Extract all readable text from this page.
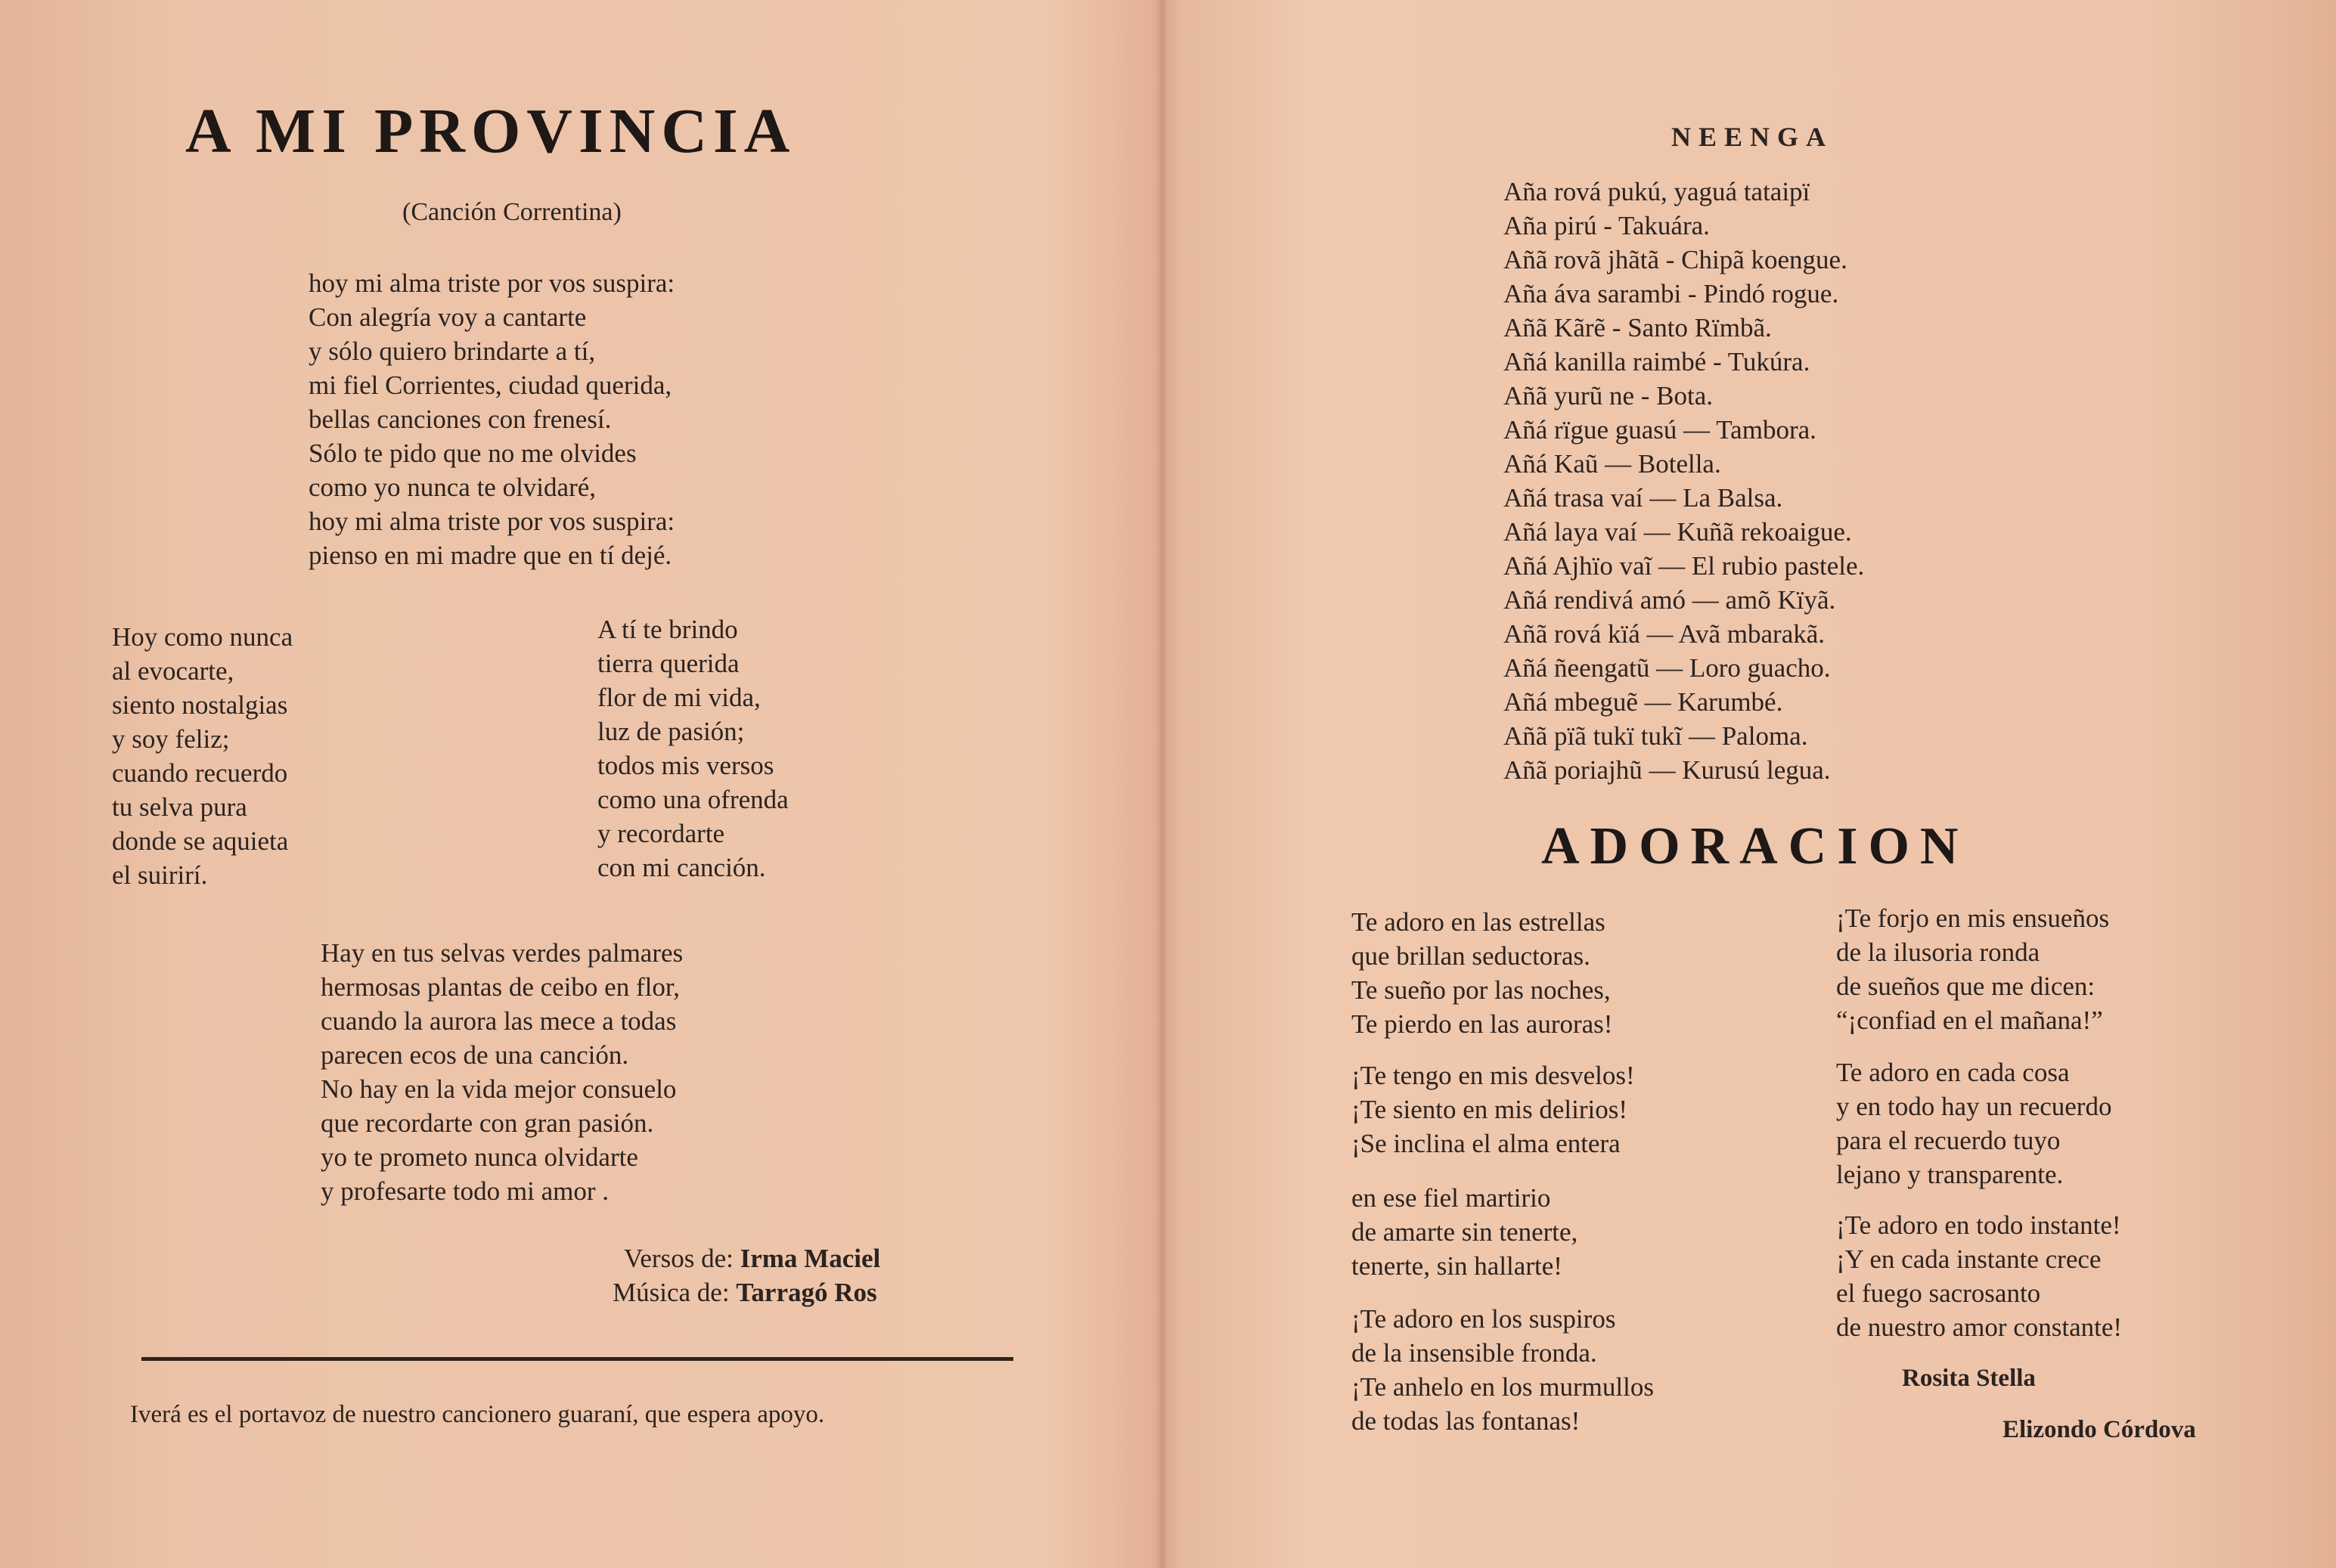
A MI PROVINCIA
(Canción Correntina)
hoy mi alma triste por vos suspira:
Con alegría voy a cantarte
y sólo quiero brindarte a tí,
mi fiel Corrientes, ciudad querida,
bellas canciones con frenesí.
Sólo te pido que no me olvides
como yo nunca te olvidaré,
hoy mi alma triste por vos suspira:
pienso en mi madre que en tí dejé.
Hoy como nunca
al evocarte,
siento nostalgias
y soy feliz;
cuando recuerdo
tu selva pura
donde se aquieta
el suirirí.
A tí te brindo
tierra querida
flor de mi vida,
luz de pasión;
todos mis versos
como una ofrenda
y recordarte
con mi canción.
Hay en tus selvas verdes palmares
hermosas plantas de ceibo en flor,
cuando la aurora las mece a todas
parecen ecos de una canción.
No hay en la vida mejor consuelo
que recordarte con gran pasión.
yo te prometo nunca olvidarte
y profesarte todo mi amor .
Versos de: Irma Maciel
Música de: Tarragó Ros
Iverá es el portavoz de nuestro cancionero guaraní, que espera apoyo.
NEENGA
Aña rová pukú, yaguá tataipï
Aña pirú - Takuára.
Añã rovã jhãtã - Chipã koengue.
Aña áva sarambi - Pindó rogue.
Añã Kãrẽ - Santo Rïmbã.
Añá kanilla raimbé - Tukúra.
Añã yurũ ne - Bota.
Añá rïgue guasú — Tambora.
Añá Kaũ — Botella.
Añá trasa vaí — La Balsa.
Añá laya vaí — Kuñã rekoaigue.
Añá Ajhïo vaĩ — El rubio pastele.
Añá rendivá amó — amõ Kïyã.
Añã rová kïá — Avã mbarakã.
Añá ñeengatũ — Loro guacho.
Añá mbeguẽ — Karumbé.
Añã pïã tukï tukĩ — Paloma.
Añã poriajhũ — Kurusú legua.
ADORACION
Te adoro en las estrellas
que brillan seductoras.
Te sueño por las noches,
Te pierdo en las auroras!
¡Te tengo en mis desvelos!
¡Te siento en mis delirios!
¡Se inclina el alma entera
en ese fiel martirio
de amarte sin tenerte,
tenerte, sin hallarte!
¡Te adoro en los suspiros
de la insensible fronda.
¡Te anhelo en los murmullos
de todas las fontanas!
¡Te forjo en mis ensueños
de la ilusoria ronda
de sueños que me dicen:
“¡confiad en el mañana!”
Te adoro en cada cosa
y en todo hay un recuerdo
para el recuerdo tuyo
lejano y transparente.
¡Te adoro en todo instante!
¡Y en cada instante crece
el fuego sacrosanto
de nuestro amor constante!
Rosita Stella
Elizondo Córdova
